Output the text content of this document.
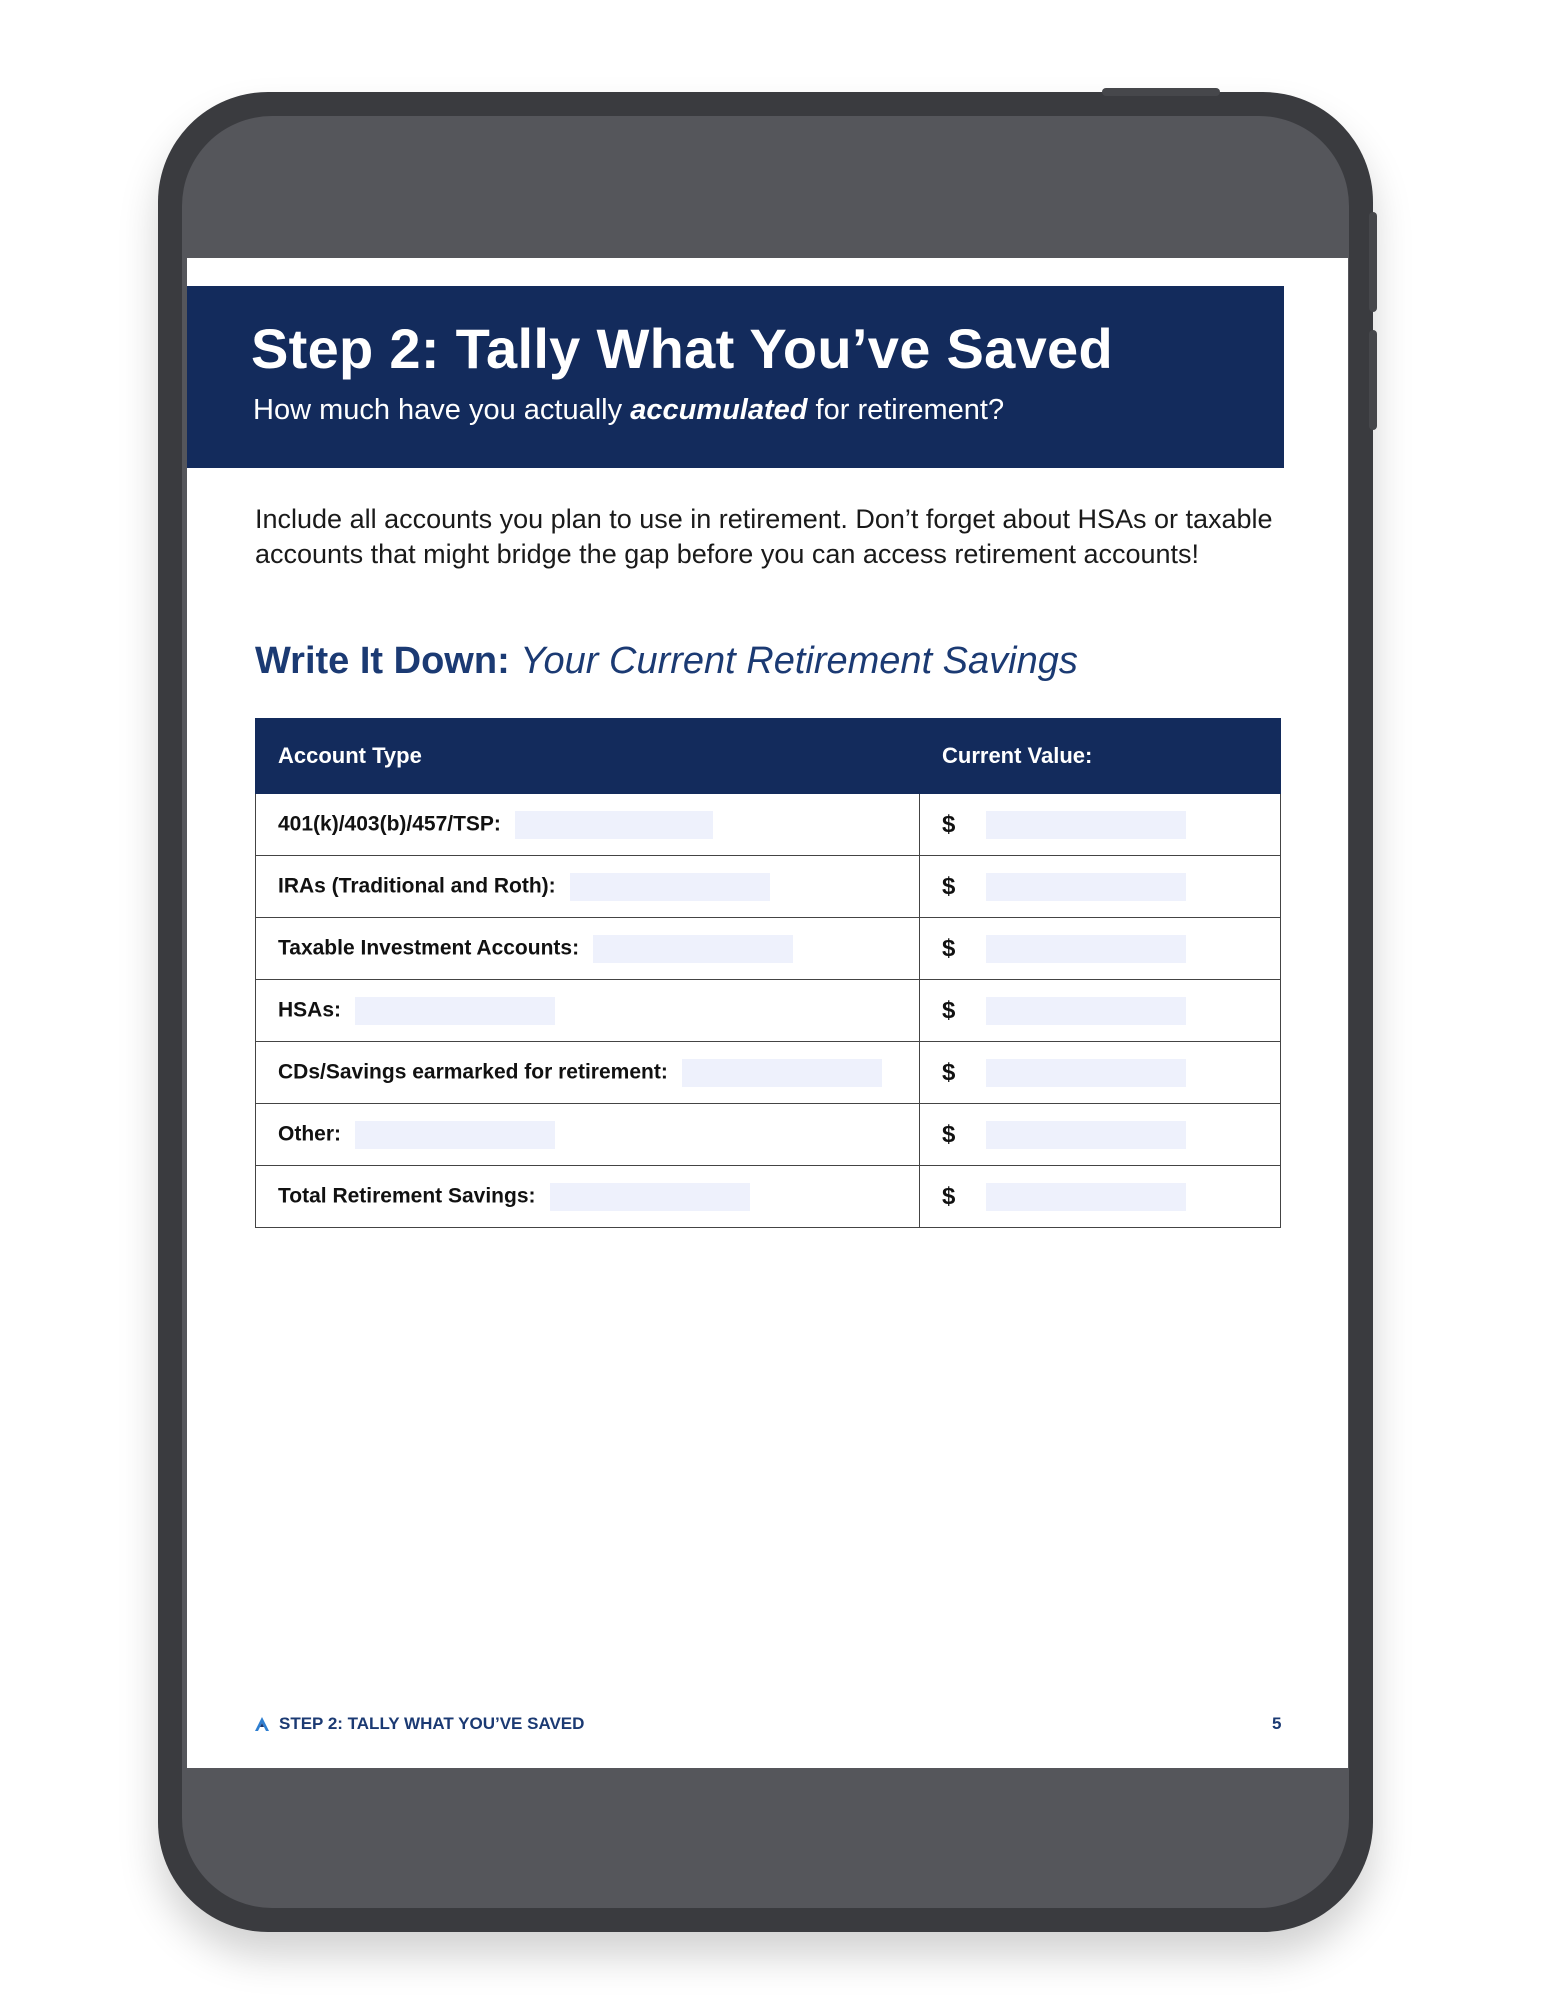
Step 2: Tally What You’ve Saved
How much have you actually accumulated for retirement?

Include all accounts you plan to use in retirement. Don’t forget about HSAs or taxable accounts that might bridge the gap before you can access retirement accounts!

Write It Down: Your Current Retirement Savings
Account Type	Current Value:
401(k)/403(b)/457/TSP:	$
IRAs (Traditional and Roth):	$
Taxable Investment Accounts:	$
HSAs:	$
CDs/Savings earmarked for retirement:	$
Other:	$
Total Retirement Savings:	$
STEP 2: TALLY WHAT YOU’VE SAVED	5
